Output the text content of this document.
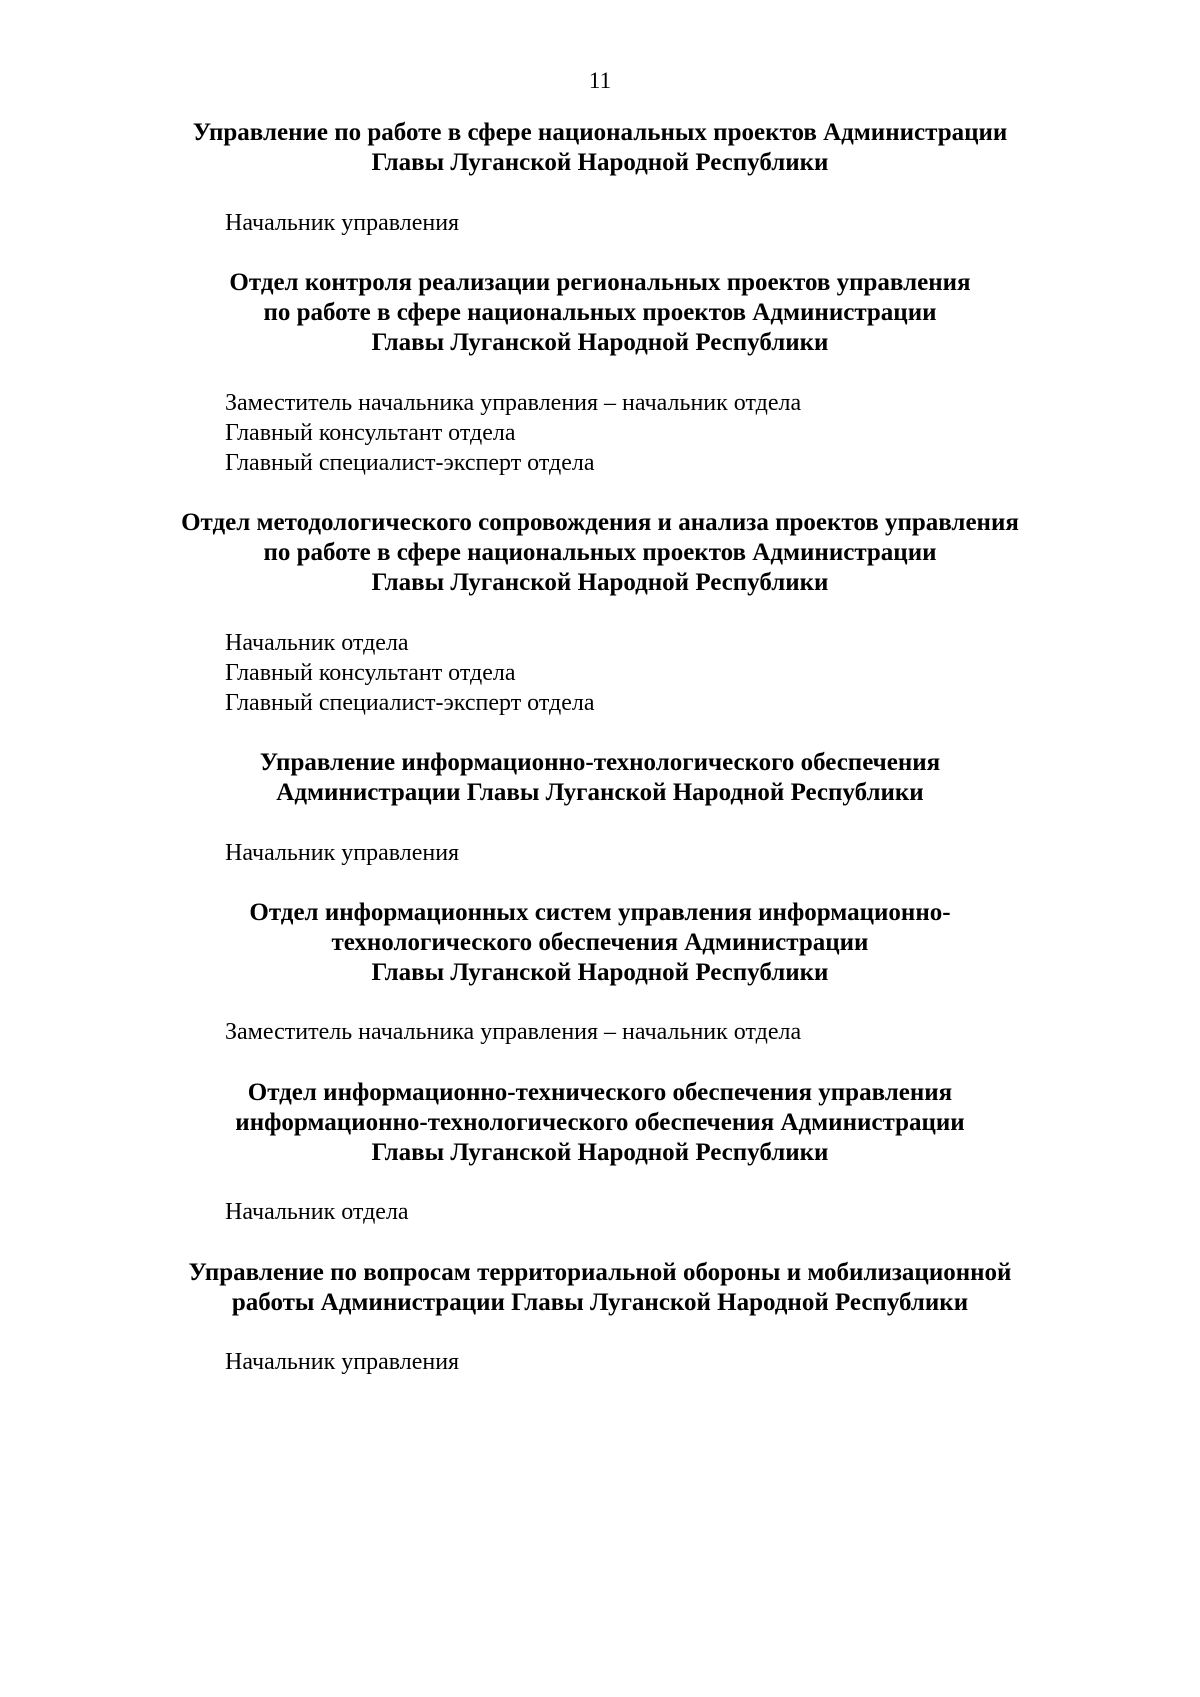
11
Управление по работе в сфере национальных проектов Администрации
Главы Луганской Народной Республики
Начальник управления
Отдел контроля реализации региональных проектов управления
по работе в сфере национальных проектов Администрации
Главы Луганской Народной Республики
Заместитель начальника управления – начальник отдела
Главный консультант отдела
Главный специалист-эксперт отдела
Отдел методологического сопровождения и анализа проектов управления
по работе в сфере национальных проектов Администрации
Главы Луганской Народной Республики
Начальник отдела
Главный консультант отдела
Главный специалист-эксперт отдела
Управление информационно-технологического обеспечения
Администрации Главы Луганской Народной Республики
Начальник управления
Отдел информационных систем управления информационно-
технологического обеспечения Администрации
Главы Луганской Народной Республики
Заместитель начальника управления – начальник отдела
Отдел информационно-технического обеспечения управления
информационно-технологического обеспечения Администрации
Главы Луганской Народной Республики
Начальник отдела
Управление по вопросам территориальной обороны и мобилизационной
работы Администрации Главы Луганской Народной Республики
Начальник управления
